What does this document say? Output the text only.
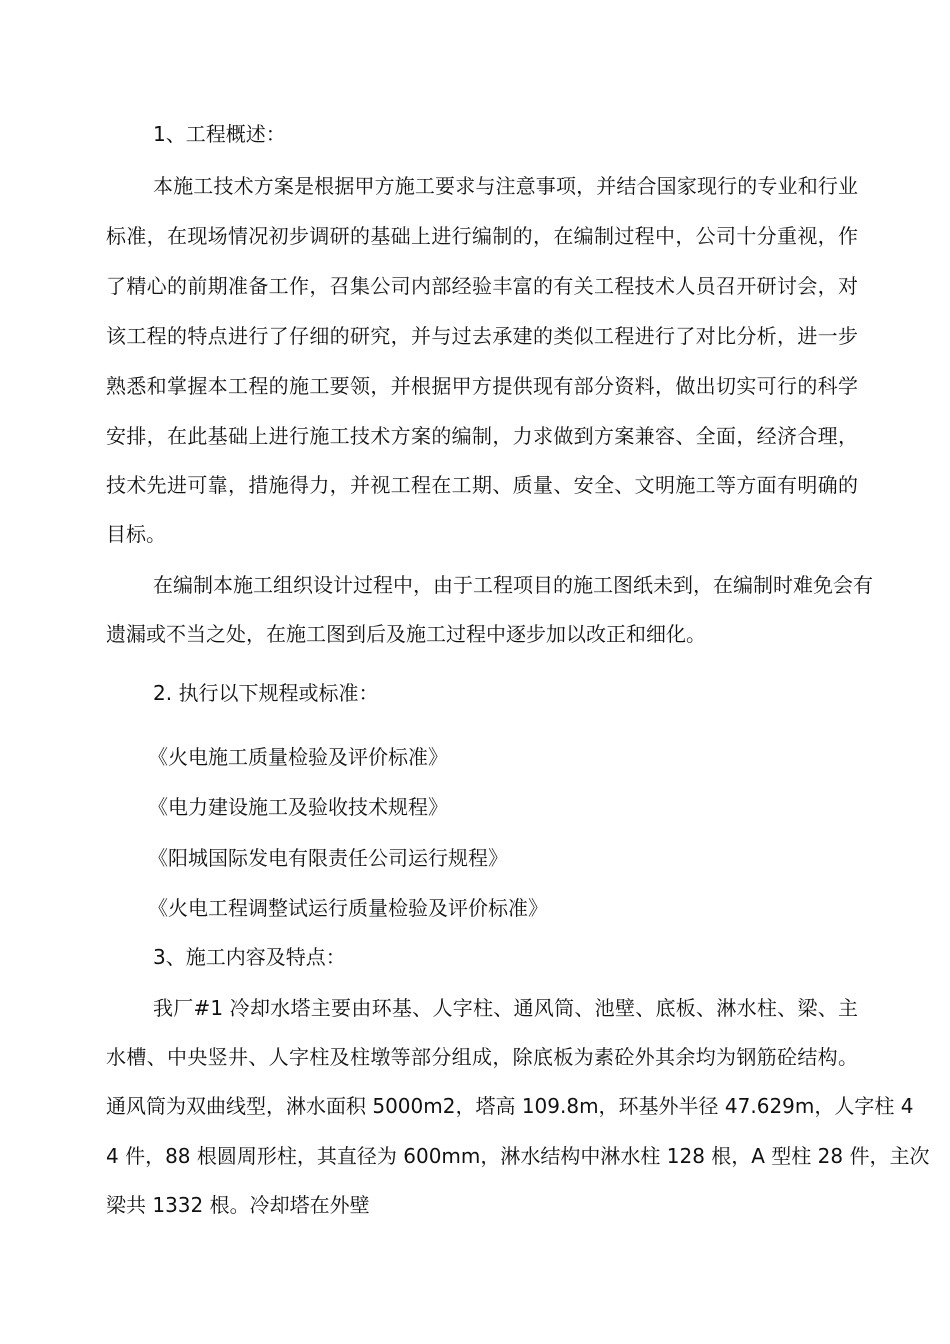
1、工程概述：
本施工技术方案是根据甲方施工要求与注意事项，并结合国家现行的专业和行业
标准，在现场情况初步调研的基础上进行编制的，在编制过程中，公司十分重视，作
了精心的前期准备工作，召集公司内部经验丰富的有关工程技术人员召开研讨会，对
该工程的特点进行了仔细的研究，并与过去承建的类似工程进行了对比分析，进一步
熟悉和掌握本工程的施工要领，并根据甲方提供现有部分资料，做出切实可行的科学
安排，在此基础上进行施工技术方案的编制，力求做到方案兼容、全面，经济合理，
技术先进可靠，措施得力，并视工程在工期、质量、安全、文明施工等方面有明确的
目标。
在编制本施工组织设计过程中，由于工程项目的施工图纸未到，在编制时难免会有
遗漏或不当之处，在施工图到后及施工过程中逐步加以改正和细化。
2. 执行以下规程或标准：
《火电施工质量检验及评价标准》
《电力建设施工及验收技术规程》
《阳城国际发电有限责任公司运行规程》
《火电工程调整试运行质量检验及评价标准》
3、施工内容及特点：
我厂#1 冷却水塔主要由环基、人字柱、通风筒、池壁、底板、淋水柱、梁、主
水槽、中央竖井、人字柱及柱墩等部分组成，除底板为素砼外其余均为钢筋砼结构。
通风筒为双曲线型，淋水面积 5000m2，塔高 109.8m，环基外半径 47.629m，人字柱 4
4 件，88 根圆周形柱，其直径为 600mm，淋水结构中淋水柱 128 根，A 型柱 28 件，主次
梁共 1332 根。冷却塔在外壁
